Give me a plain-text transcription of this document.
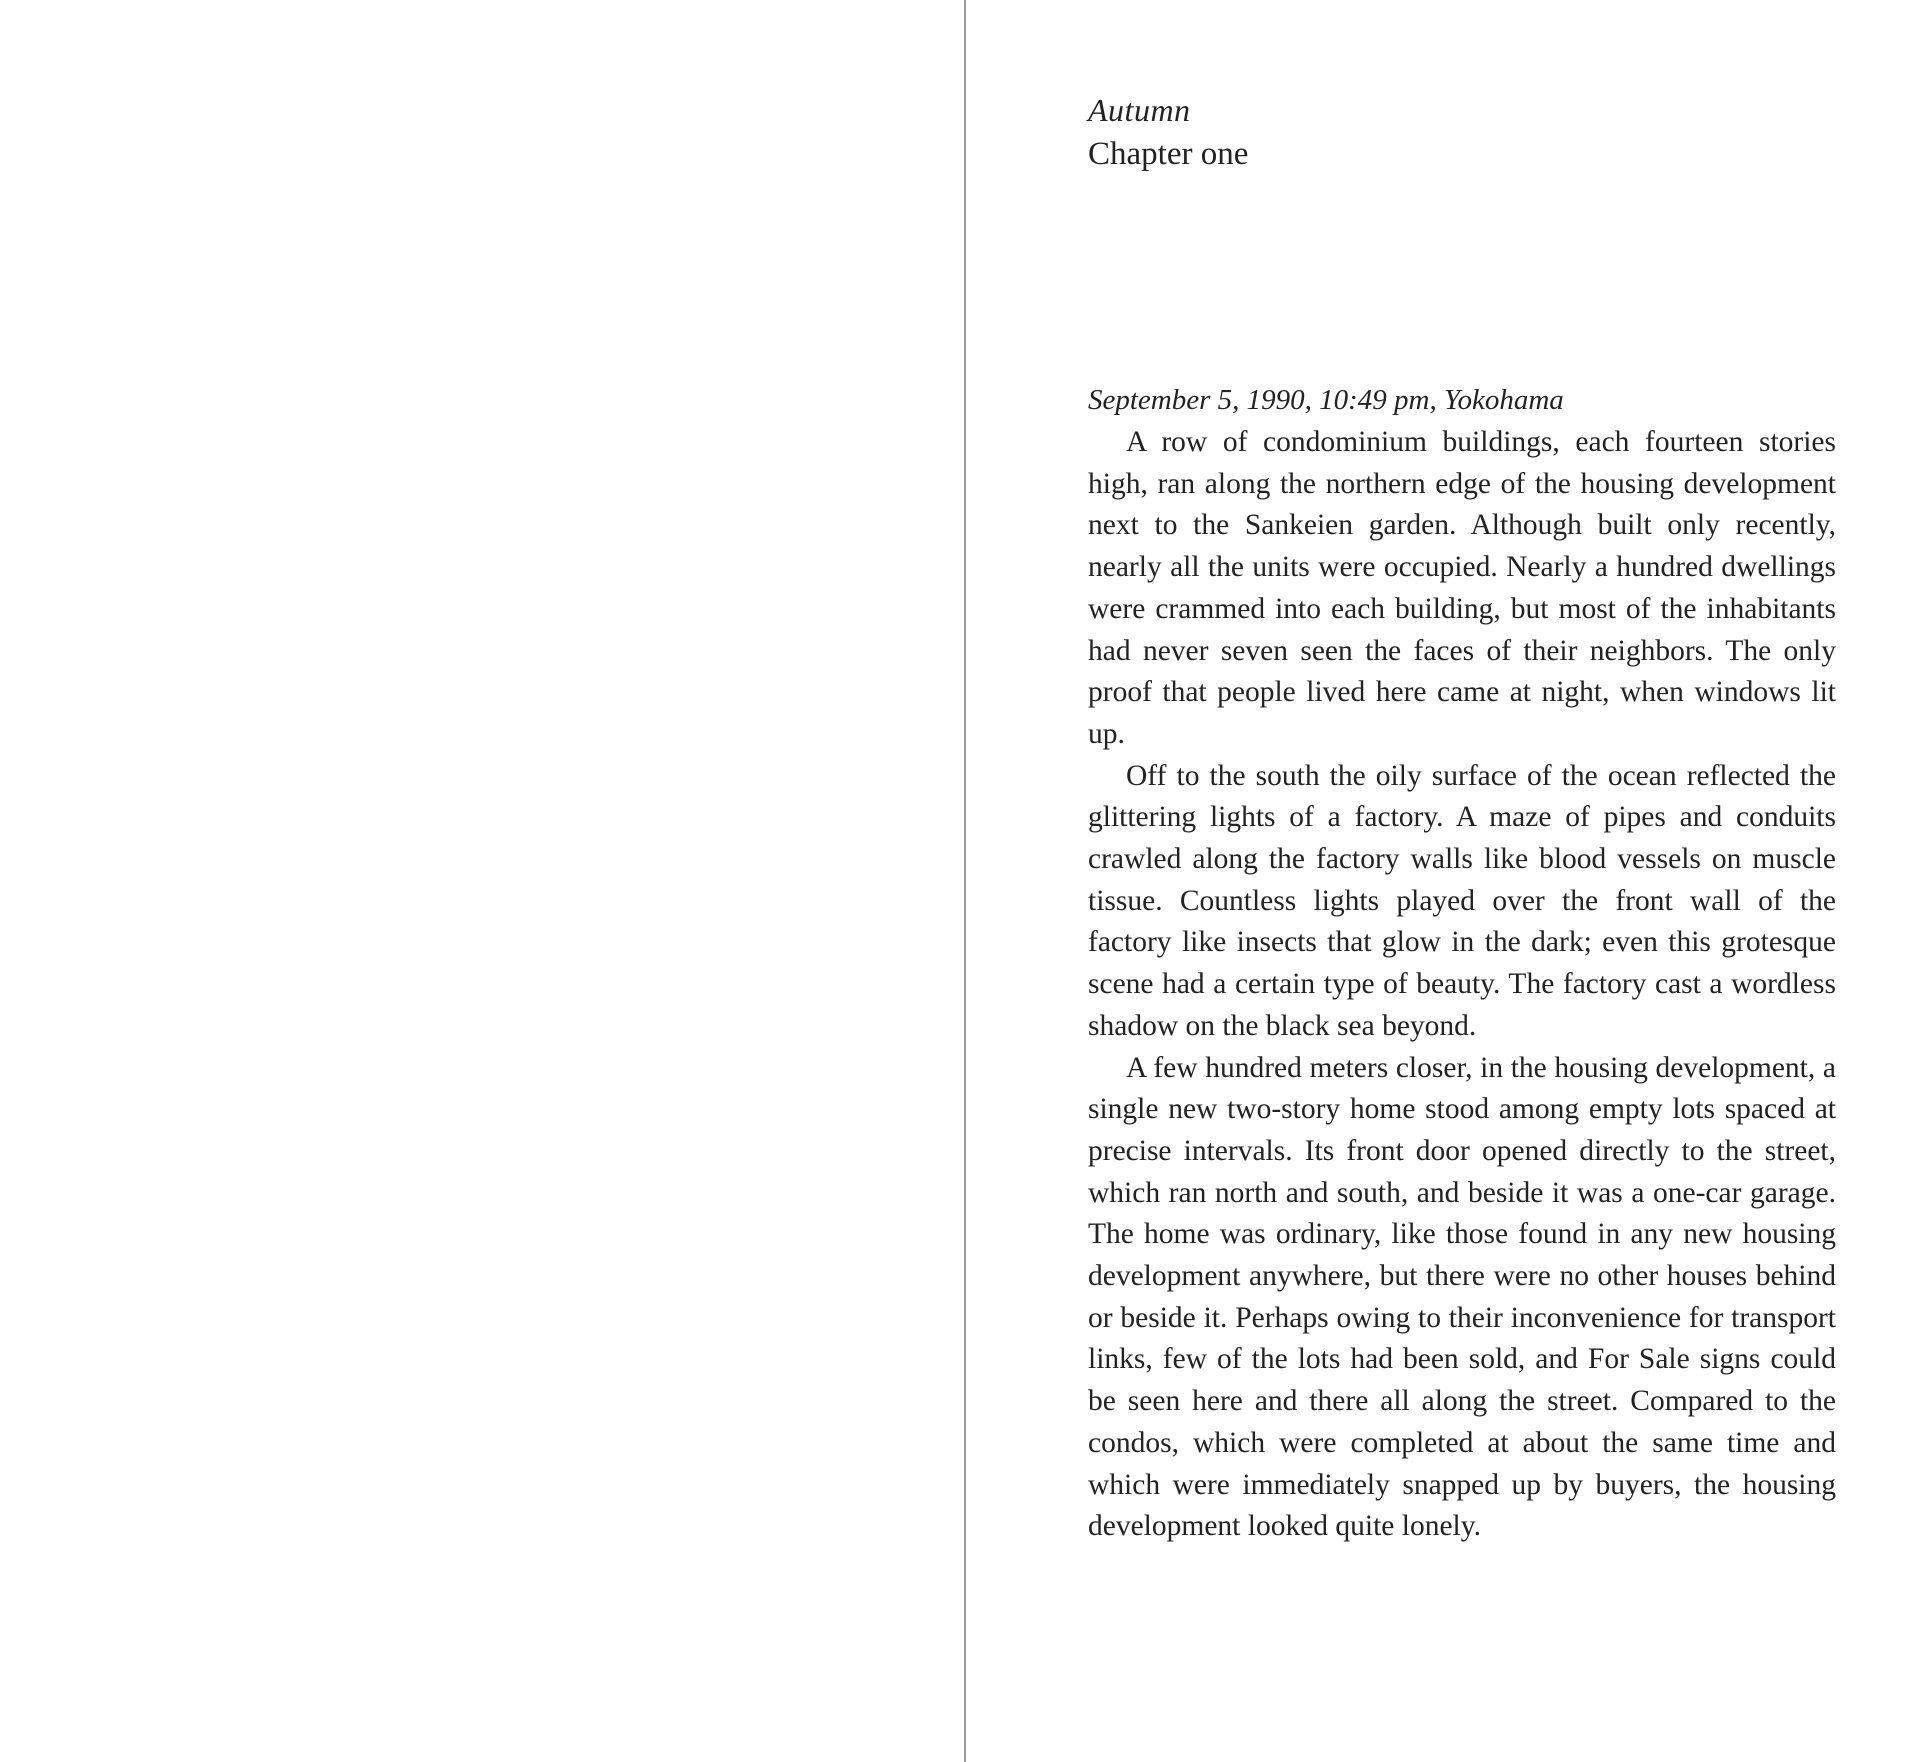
Autumn

Chapter one

September 5, 1990, 10:49 pm, Yokohama

A row of condominium buildings, each fourteen stories high, ran along the northern edge of the housing development next to the Sankeien garden. Although built only recently, nearly all the units were occupied. Nearly a hundred dwellings were crammed into each building, but most of the inhabitants had never seven seen the faces of their neighbors. The only proof that people lived here came at night, when windows lit up.

Off to the south the oily surface of the ocean reflected the glittering lights of a factory. A maze of pipes and conduits crawled along the factory walls like blood vessels on muscle tissue. Countless lights played over the front wall of the factory like insects that glow in the dark; even this grotesque scene had a certain type of beauty. The factory cast a wordless shadow on the black sea beyond.

A few hundred meters closer, in the housing development, a single new two-story home stood among empty lots spaced at precise intervals. Its front door opened directly to the street, which ran north and south, and beside it was a one-car garage. The home was ordinary, like those found in any new housing development anywhere, but there were no other houses behind or beside it. Perhaps owing to their inconvenience for transport links, few of the lots had been sold, and For Sale signs could be seen here and there all along the street. Compared to the condos, which were completed at about the same time and which were immediately snapped up by buyers, the housing development looked quite lonely.
